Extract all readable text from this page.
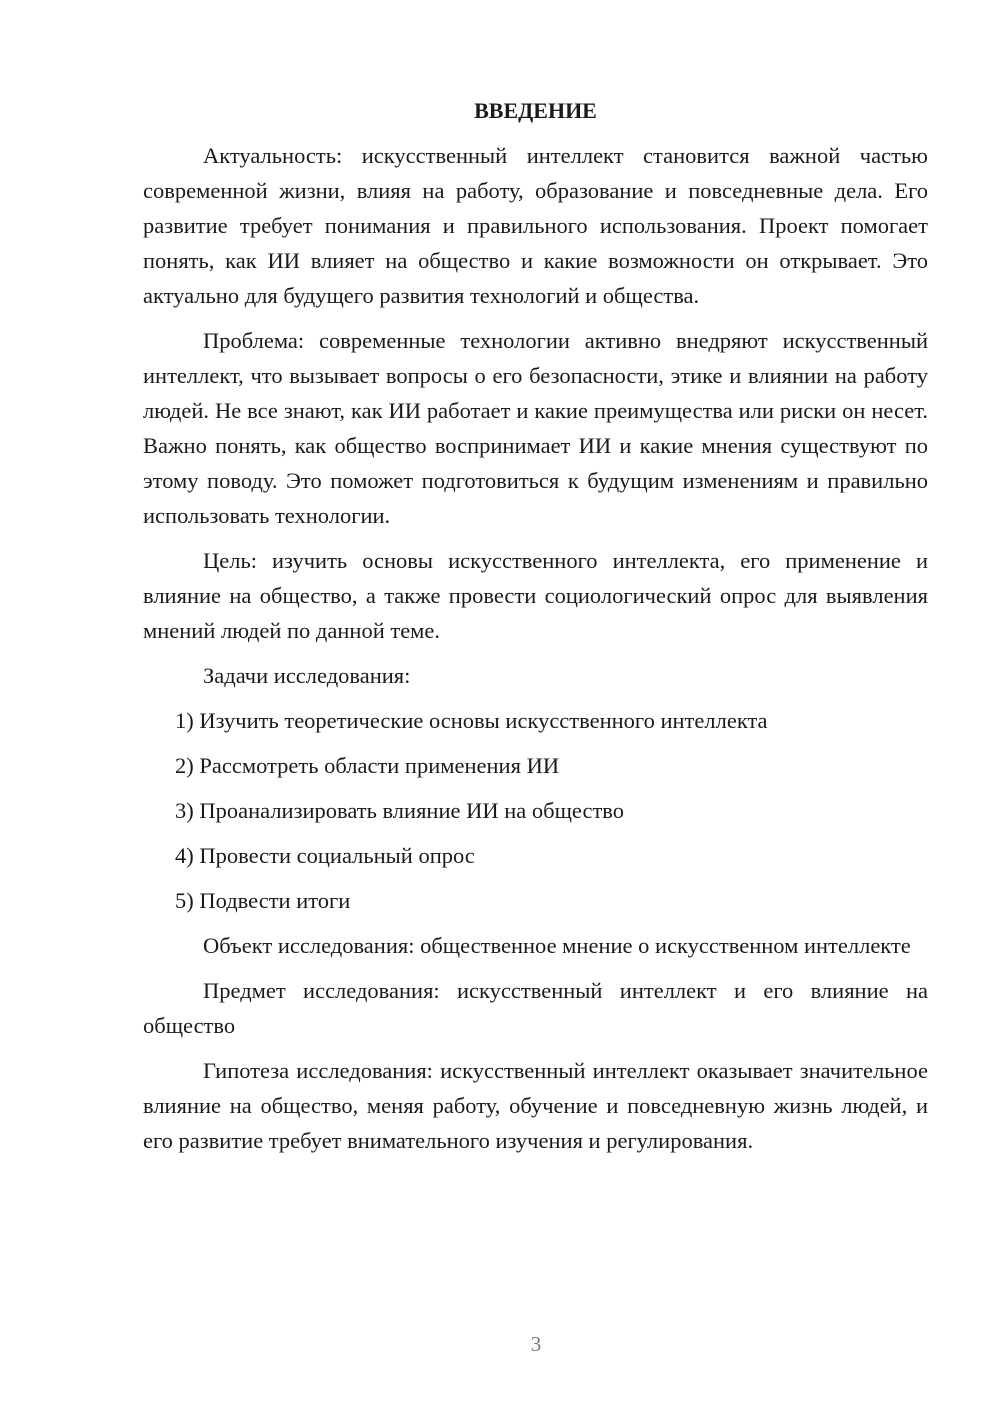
ВВЕДЕНИЕ

Актуальность: искусственный интеллект становится важной частью современной жизни, влияя на работу, образование и повседневные дела. Его развитие требует понимания и правильного использования. Проект помогает понять, как ИИ влияет на общество и какие возможности он открывает. Это актуально для будущего развития технологий и общества.

Проблема: современные технологии активно внедряют искусственный интеллект, что вызывает вопросы о его безопасности, этике и влиянии на работу людей. Не все знают, как ИИ работает и какие преимущества или риски он несет. Важно понять, как общество воспринимает ИИ и какие мнения существуют по этому поводу. Это поможет подготовиться к будущим изменениям и правильно использовать технологии.

Цель: изучить основы искусственного интеллекта, его применение и влияние на общество, а также провести социологический опрос для выявления мнений людей по данной теме.

Задачи исследования:

1) Изучить теоретические основы искусственного интеллекта
2) Рассмотреть области применения ИИ
3) Проанализировать влияние ИИ на общество
4) Провести социальный опрос
5) Подвести итоги

Объект исследования: общественное мнение о искусственном интеллекте

Предмет исследования: искусственный интеллект и его влияние на общество

Гипотеза исследования: искусственный интеллект оказывает значительное влияние на общество, меняя работу, обучение и повседневную жизнь людей, и его развитие требует внимательного изучения и регулирования.

3
